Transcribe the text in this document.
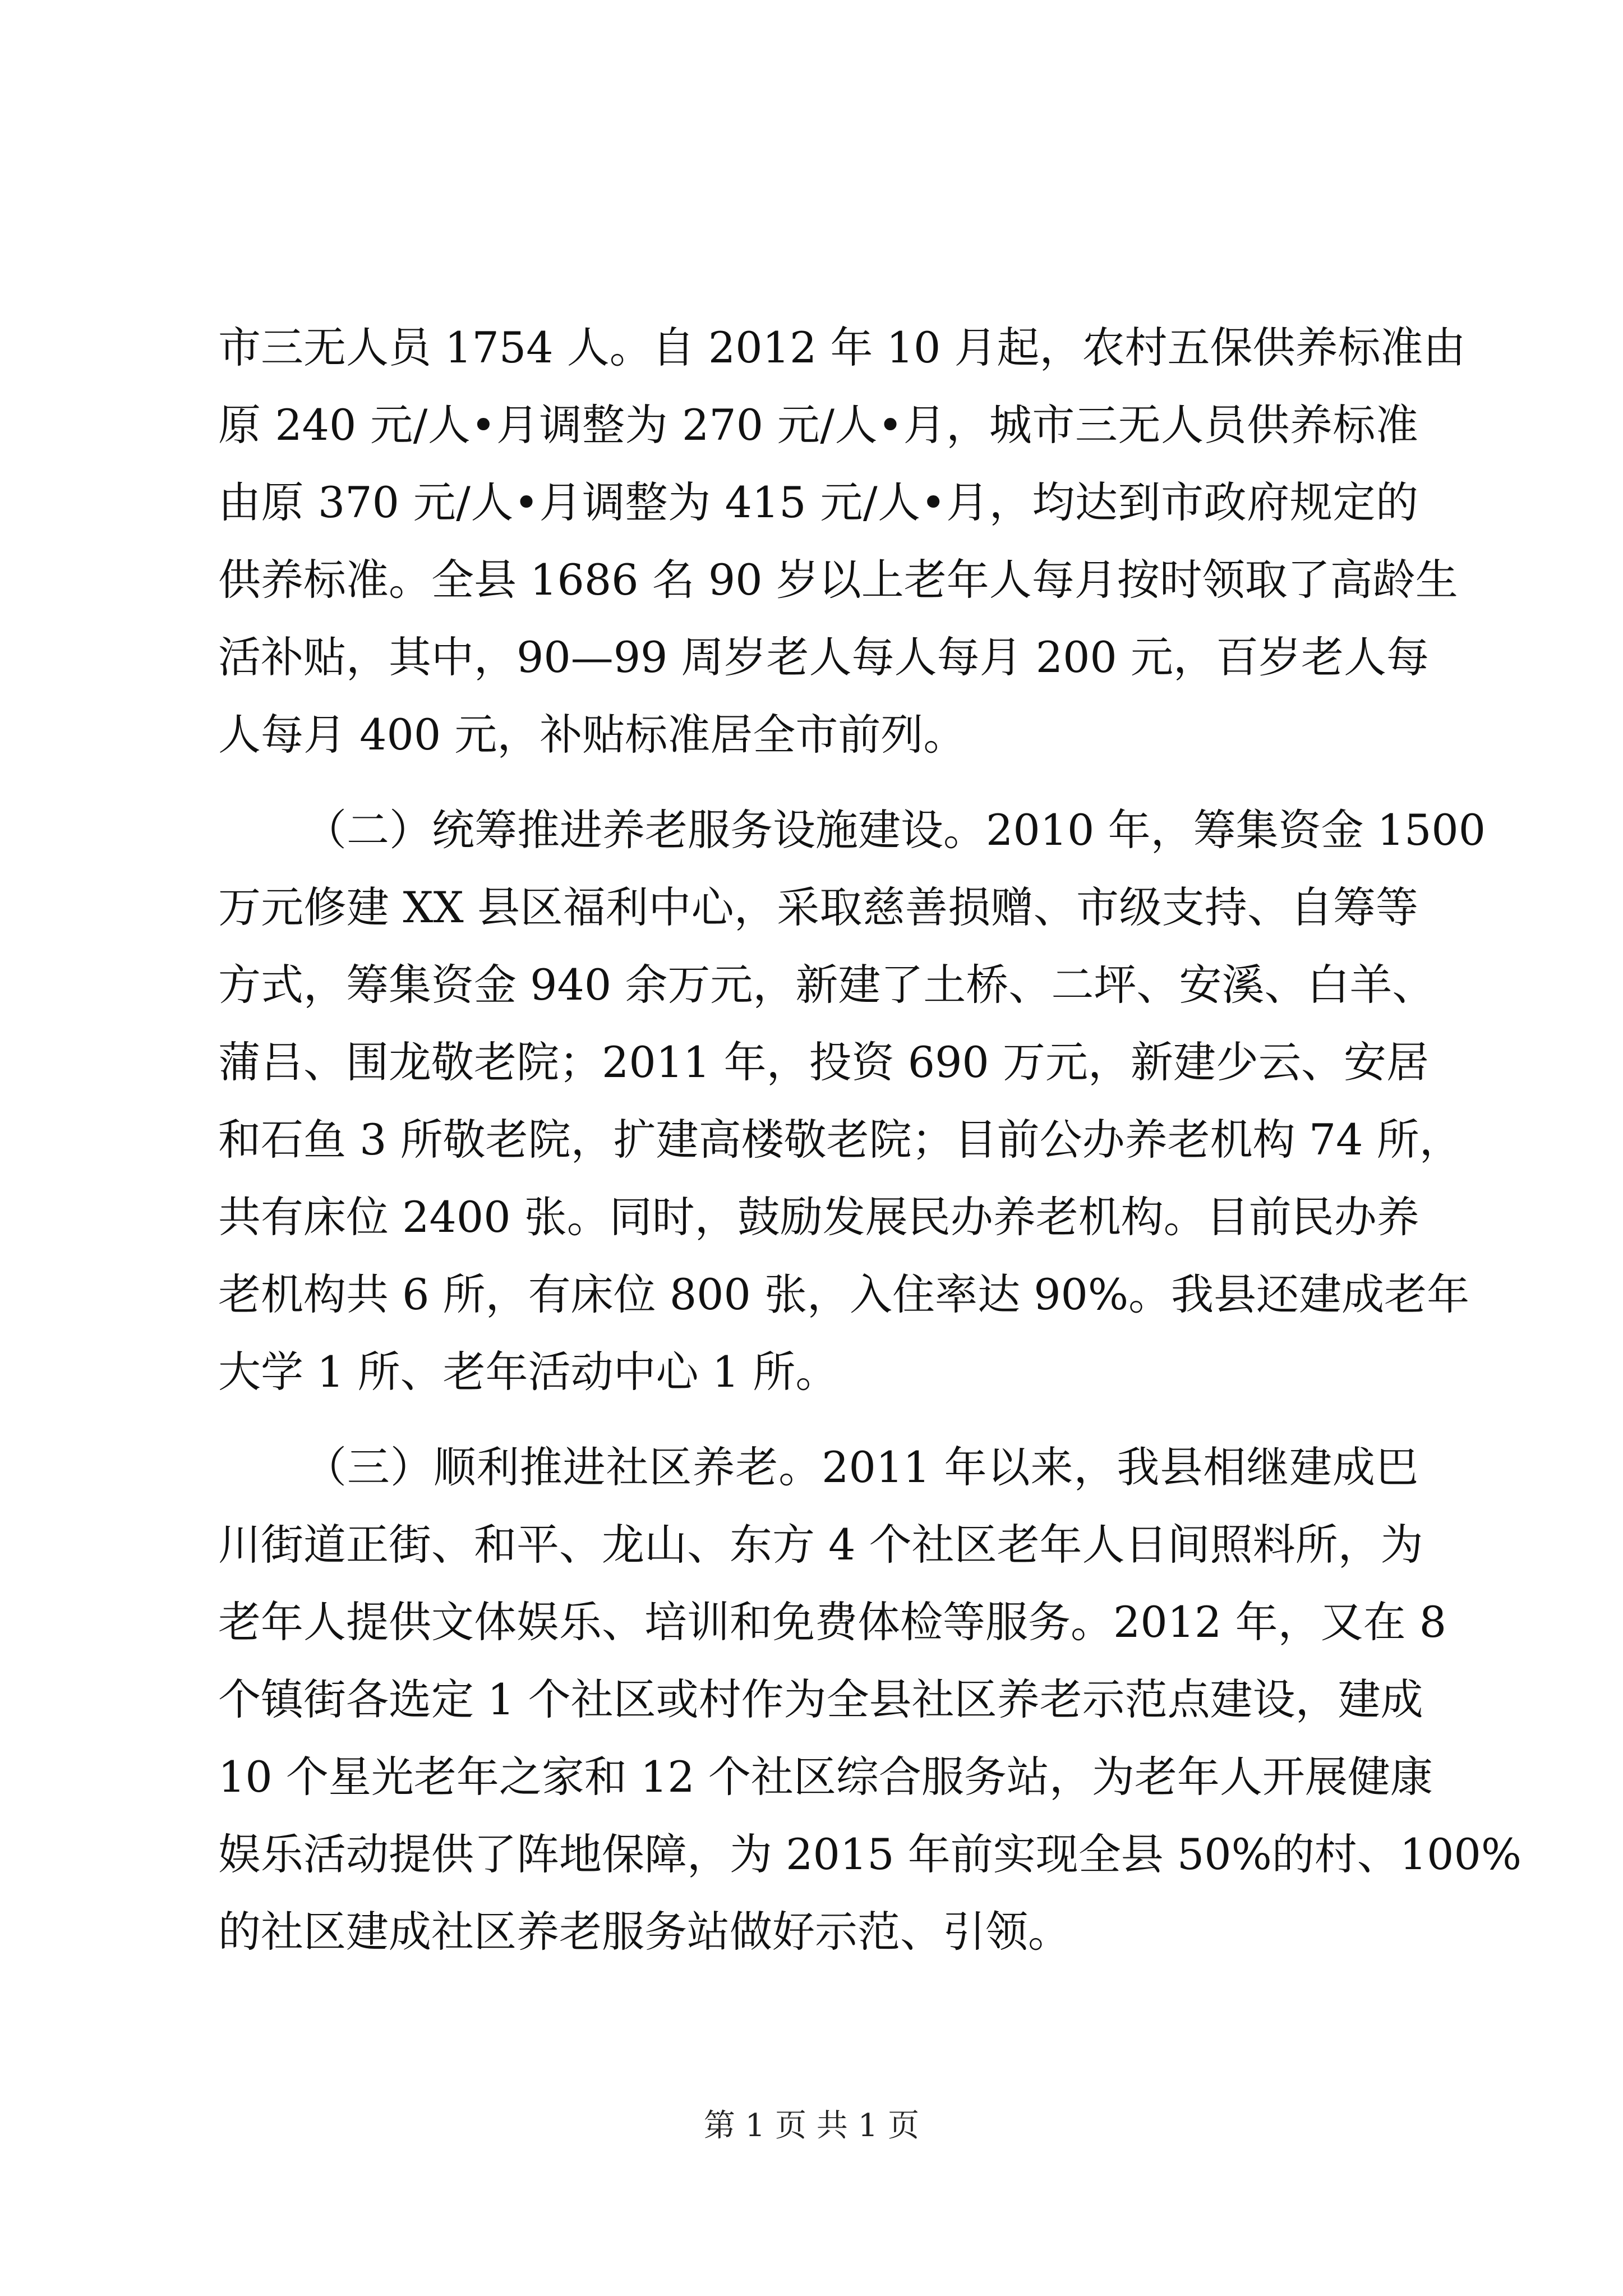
市三无人员 1754 人。自 2012 年 10 月起，农村五保供养标准由
原 240 元/人•月调整为 270 元/人•月，城市三无人员供养标准
由原 370 元/人•月调整为 415 元/人•月，均达到市政府规定的
供养标准。全县 1686 名 90 岁以上老年人每月按时领取了高龄生
活补贴，其中，90—99 周岁老人每人每月 200 元，百岁老人每
人每月 400 元，补贴标准居全市前列。
（二）统筹推进养老服务设施建设。2010 年，筹集资金 1500
万元修建 XX 县区福利中心，采取慈善损赠、市级支持、自筹等
方式，筹集资金 940 余万元，新建了土桥、二坪、安溪、白羊、
蒲吕、围龙敬老院；2011 年，投资 690 万元，新建少云、安居
和石鱼 3 所敬老院，扩建高楼敬老院；目前公办养老机构 74 所，
共有床位 2400 张。同时，鼓励发展民办养老机构。目前民办养
老机构共 6 所，有床位 800 张，入住率达 90%。我县还建成老年
大学 1 所、老年活动中心 1 所。
（三）顺利推进社区养老。2011 年以来，我县相继建成巴
川街道正街、和平、龙山、东方 4 个社区老年人日间照料所，为
老年人提供文体娱乐、培训和免费体检等服务。2012 年，又在 8
个镇街各选定 1 个社区或村作为全县社区养老示范点建设，建成
10 个星光老年之家和 12 个社区综合服务站，为老年人开展健康
娱乐活动提供了阵地保障，为 2015 年前实现全县 50%的村、100%
的社区建成社区养老服务站做好示范、引领。
第 1 页 共 1 页
